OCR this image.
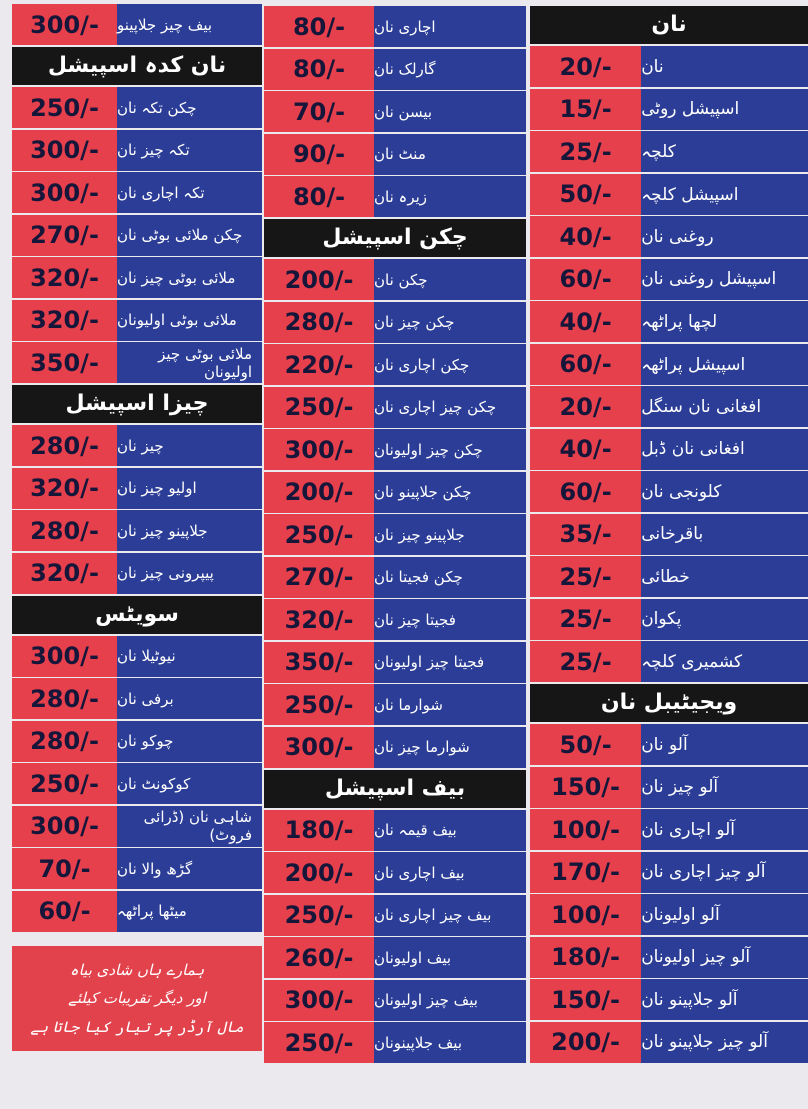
300/-	بیف چیز جلاپینو
نان کدہ اسپیشل
250/-	چکن تکہ نان
300/-	تکہ چیز نان
300/-	تکہ اچاری نان
270/-	چکن ملائی بوٹی نان
320/-	ملائی بوٹی چیز نان
320/-	ملائی بوٹی اولیونان
350/-	ملائی بوٹی چیز اولیونان
چیزا اسپیشل
280/-	چیز نان
320/-	اولیو چیز نان
280/-	جلاپینو چیز نان
320/-	پیپرونی چیز نان
سویٹس
300/-	نیوٹیلا نان
280/-	برفی نان
280/-	چوکو نان
250/-	کوکونٹ نان
300/-	شاہی نان (ڈرائی فروٹ)
70/-	گڑھ والا نان
60/-	میٹھا پراٹھہ
ہمارے ہاں شادی بیاہ
اور دیگر تقریبات کیلئے
مال آرڈر پر تیار کیا جاتا ہے
80/-	اچاری نان
80/-	گارلک نان
70/-	بیسن نان
90/-	منٹ نان
80/-	زیرہ نان
چکن اسپیشل
200/-	چکن نان
280/-	چکن چیز نان
220/-	چکن اچاری نان
250/-	چکن چیز اچاری نان
300/-	چکن چیز اولیونان
200/-	چکن جلاپینو نان
250/-	جلاپینو چیز نان
270/-	چکن فجیتا نان
320/-	فجیتا چیز نان
350/-	فجیتا چیز اولیونان
250/-	شوارما نان
300/-	شوارما چیز نان
بیف اسپیشل
180/-	بیف قیمہ نان
200/-	بیف اچاری نان
250/-	بیف چیز اچاری نان
260/-	بیف اولیونان
300/-	بیف چیز اولیونان
250/-	بیف جلاپینونان
نان
20/-	نان
15/-	اسپیشل روٹی
25/-	کلچہ
50/-	اسپیشل کلچہ
40/-	روغنی نان
60/-	اسپیشل روغنی نان
40/-	لچھا پراٹھہ
60/-	اسپیشل پراٹھہ
20/-	افغانی نان سنگل
40/-	افغانی نان ڈبل
60/-	کلونجی نان
35/-	باقرخانی
25/-	خطائی
25/-	پکوان
25/-	کشمیری کلچہ
ویجیٹیبل نان
50/-	آلو نان
150/-	آلو چیز نان
100/-	آلو اچاری نان
170/-	آلو چیز اچاری نان
100/-	آلو اولیونان
180/-	آلو چیز اولیونان
150/-	آلو جلاپینو نان
200/-	آلو چیز جلاپینو نان
